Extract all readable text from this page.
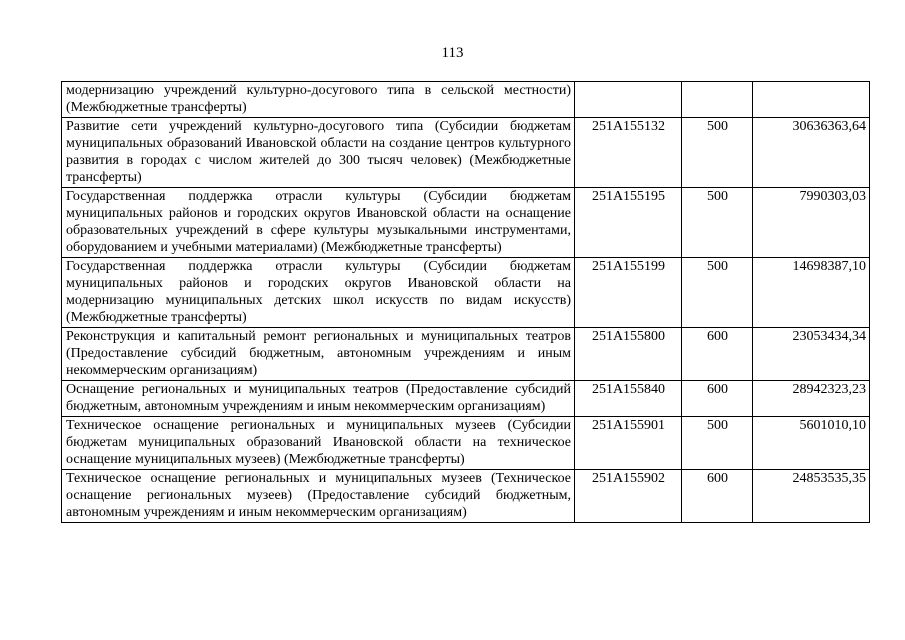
113
модернизацию учреждений культурно-досугового типа в сельской местности) (Межбюджетные трансферты)			
Развитие сети учреждений культурно-досугового типа (Субсидии бюджетам муниципальных образований Ивановской области на создание центров культурного развития в городах с числом жителей до 300 тысяч человек) (Межбюджетные трансферты)	251A155132	500	30636363,64
Государственная поддержка отрасли культуры (Субсидии бюджетам муниципальных районов и городских округов Ивановской области на оснащение образовательных учреждений в сфере культуры музыкальными инструментами, оборудованием и учебными материалами) (Межбюджетные трансферты)	251A155195	500	7990303,03
Государственная поддержка отрасли культуры (Субсидии бюджетам муниципальных районов и городских округов Ивановской области на модернизацию муниципальных детских школ искусств по видам искусств) (Межбюджетные трансферты)	251A155199	500	14698387,10
Реконструкция и капитальный ремонт региональных и муниципальных театров (Предоставление субсидий бюджетным, автономным учреждениям и иным некоммерческим организациям)	251A155800	600	23053434,34
Оснащение региональных и муниципальных театров (Предоставление субсидий бюджетным, автономным учреждениям и иным некоммерческим организациям)	251A155840	600	28942323,23
Техническое оснащение региональных и муниципальных музеев (Субсидии бюджетам муниципальных образований Ивановской области на техническое оснащение муниципальных музеев) (Межбюджетные трансферты)	251A155901	500	5601010,10
Техническое оснащение региональных и муниципальных музеев (Техническое оснащение региональных музеев) (Предоставление субсидий бюджетным, автономным учреждениям и иным некоммерческим организациям)	251A155902	600	24853535,35
